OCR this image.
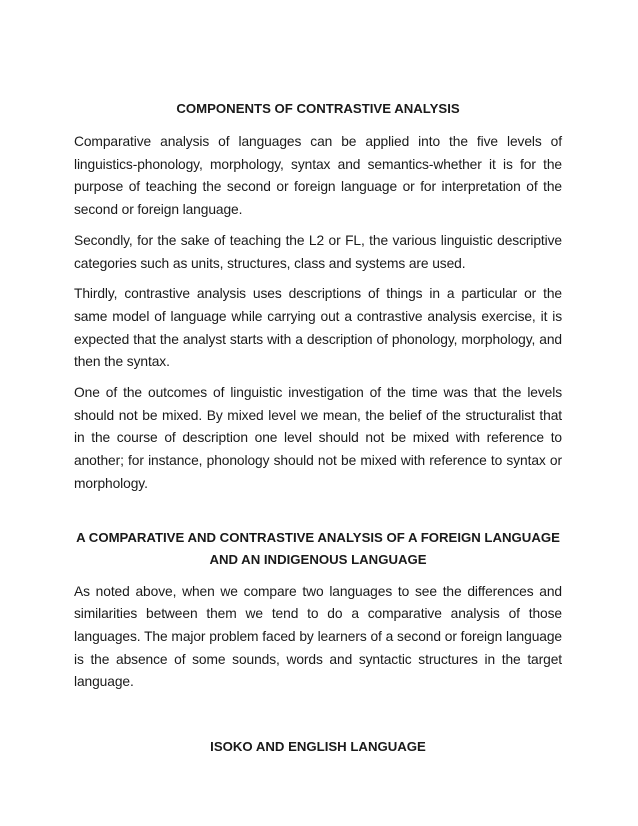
COMPONENTS OF CONTRASTIVE ANALYSIS

Comparative analysis of languages can be applied into the five levels of linguistics-phonology, morphology, syntax and semantics-whether it is for the purpose of teaching the second or foreign language or for interpretation of the second or foreign language.

Secondly, for the sake of teaching the L2 or FL, the various linguistic descriptive categories such as units, structures, class and systems are used.

Thirdly, contrastive analysis uses descriptions of things in a particular or the same model of language while carrying out a contrastive analysis exercise, it is expected that the analyst starts with a description of phonology, morphology, and then the syntax.

One of the outcomes of linguistic investigation of the time was that the levels should not be mixed. By mixed level we mean, the belief of the structuralist that in the course of description one level should not be mixed with reference to another; for instance, phonology should not be mixed with reference to syntax or morphology.

A COMPARATIVE AND CONTRASTIVE ANALYSIS OF A FOREIGN LANGUAGE AND AN INDIGENOUS LANGUAGE

As noted above, when we compare two languages to see the differences and similarities between them we tend to do a comparative analysis of those languages. The major problem faced by learners of a second or foreign language is the absence of some sounds, words and syntactic structures in the target language.

ISOKO AND ENGLISH LANGUAGE
